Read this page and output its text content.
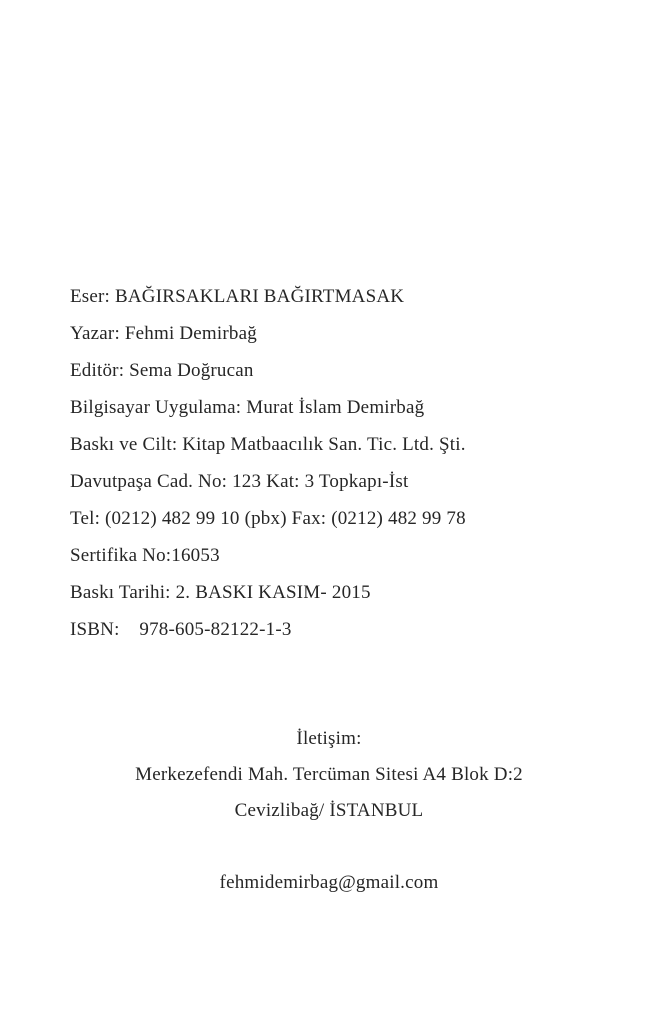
Eser: BAĞIRSAKLARI BAĞIRTMASAK
Yazar: Fehmi Demirbağ
Editör: Sema Doğrucan
Bilgisayar Uygulama: Murat İslam Demirbağ
Baskı ve Cilt: Kitap Matbaacılık San. Tic. Ltd. Şti.
Davutpaşa Cad. No: 123 Kat: 3 Topkapı-İst
Tel: (0212) 482 99 10 (pbx) Fax: (0212) 482 99 78
Sertifika No:16053
Baskı Tarihi: 2. BASKI KASIM- 2015
ISBN:    978-605-82122-1-3
İletişim:
Merkezefendi Mah. Tercüman Sitesi A4 Blok D:2
Cevizlibağ/ İSTANBUL
fehmidemirbag@gmail.com
